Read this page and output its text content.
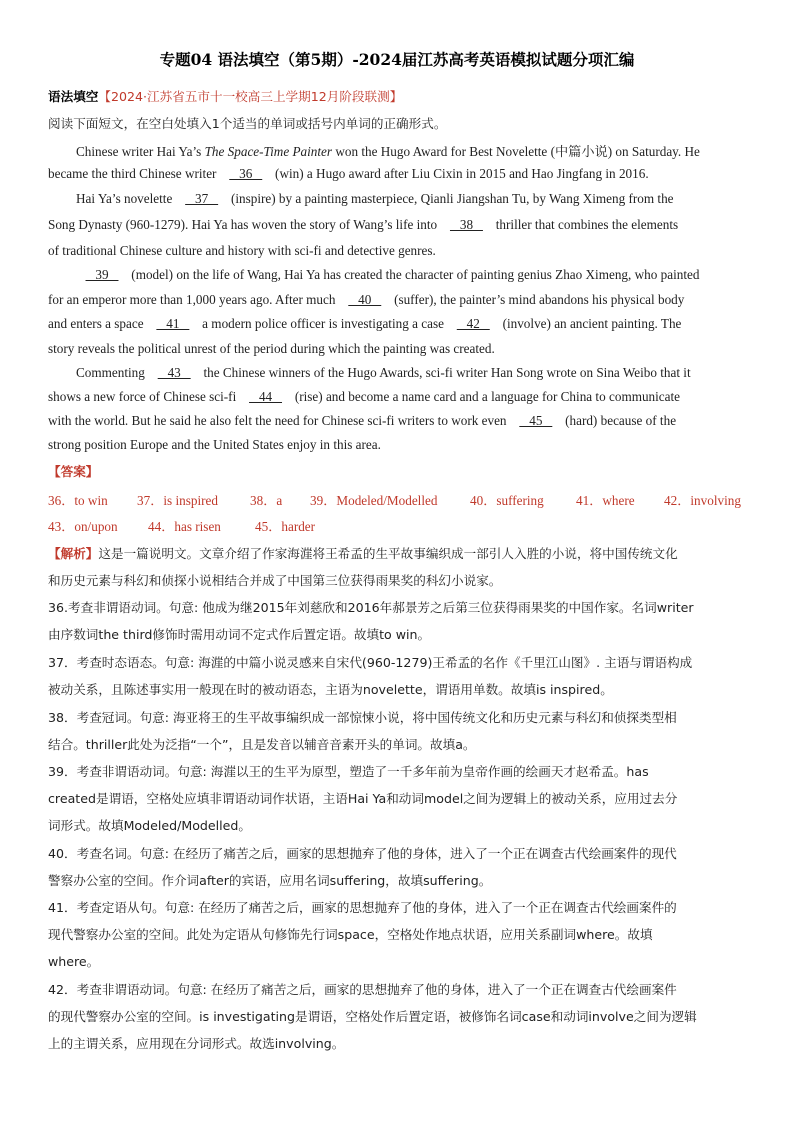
专题04 语法填空（第5期）-2024届江苏高考英语模拟试题分项汇编
语法填空【2024·江苏省五市十一校高三上学期12月阶段联测】
阅读下面短文，在空白处填入1个适当的单词或括号内单词的正确形式。
Chinese writer Hai Ya’s The Space-Time Painter won the Hugo Award for Best Novelette (中篇小说) on Saturday. He
became the third Chinese writer    36    (win) a Hugo award after Liu Cixin in 2015 and Hao Jingfang in 2016.
Hai Ya’s novelette    37    (inspire) by a painting masterpiece, Qianli Jiangshan Tu, by Wang Ximeng from the
Song Dynasty (960-1279). Hai Ya has woven the story of Wang’s life into    38    thriller that combines the elements
of traditional Chinese culture and history with sci-fi and detective genres.
39    (model) on the life of Wang, Hai Ya has created the character of painting genius Zhao Ximeng, who painted
for an emperor more than 1,000 years ago. After much    40    (suffer), the painter’s mind abandons his physical body
and enters a space    41    a modern police officer is investigating a case    42    (involve) an ancient painting. The
story reveals the political unrest of the period during which the painting was created.
Commenting    43    the Chinese winners of the Hugo Awards, sci-fi writer Han Song wrote on Sina Weibo that it
shows a new force of Chinese sci-fi    44    (rise) and become a name card and a language for China to communicate
with the world. But he said he also felt the need for Chinese sci-fi writers to work even    45    (hard) because of the
strong position Europe and the United States enjoy in this area.
【答案】
36．to win 37．is inspired 38．a 39．Modeled/Modelled 40．suffering 41．where 42．involving
43．on/upon 44．has risen	45．harder
【解析】这是一篇说明文。文章介绍了作家海漄将王希孟的生平故事编织成一部引人入胜的小说，将中国传统文化
和历史元素与科幻和侦探小说相结合并成了中国第三位获得雨果奖的科幻小说家。
36.考查非谓语动词。句意: 他成为继2015年刘慈欣和2016年郝景芳之后第三位获得雨果奖的中国作家。名词writer
由序数词the third修饰时需用动词不定式作后置定语。故填to win。
37．考查时态语态。句意: 海漄的中篇小说灵感来自宋代(960-1279)王希孟的名作《千里江山图》. 主语与谓语构成
被动关系，且陈述事实用一般现在时的被动语态，主语为novelette，谓语用单数。故填is inspired。
38．考查冠词。句意: 海亚将王的生平故事编织成一部惊悚小说，将中国传统文化和历史元素与科幻和侦探类型相
结合。thriller此处为泛指“一个”，且是发音以辅音音素开头的单词。故填a。
39．考查非谓语动词。句意: 海漄以王的生平为原型，塑造了一千多年前为皇帝作画的绘画天才赵希孟。has
created是谓语，空格处应填非谓语动词作状语，主语Hai Ya和动词model之间为逻辑上的被动关系，应用过去分
词形式。故填Modeled/Modelled。
40．考查名词。句意: 在经历了痛苦之后，画家的思想抛弃了他的身体，进入了一个正在调查古代绘画案件的现代
警察办公室的空间。作介词after的宾语，应用名词suffering，故填suffering。
41．考查定语从句。句意: 在经历了痛苦之后，画家的思想抛弃了他的身体，进入了一个正在调查古代绘画案件的
现代警察办公室的空间。此处为定语从句修饰先行词space，空格处作地点状语，应用关系副词where。故填
where。
42．考查非谓语动词。句意: 在经历了痛苦之后，画家的思想抛弃了他的身体，进入了一个正在调查古代绘画案件
的现代警察办公室的空间。is investigating是谓语，空格处作后置定语，被修饰名词case和动词involve之间为逻辑
上的主谓关系，应用现在分词形式。故选involving。
